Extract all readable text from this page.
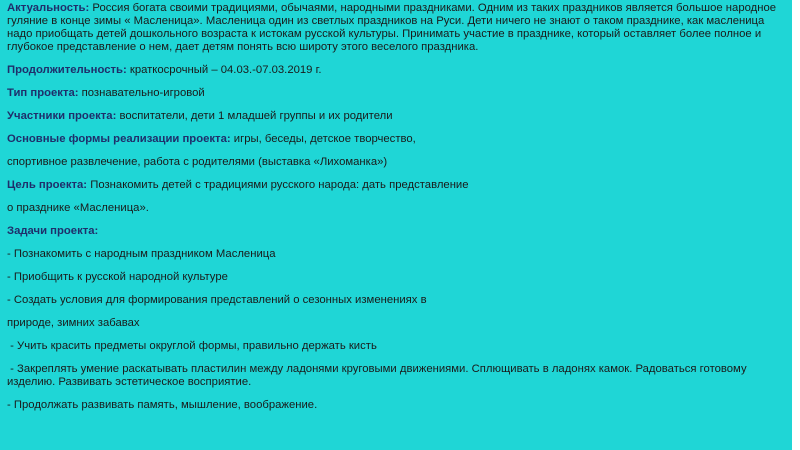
Актуальность: Россия богата своими традициями, обычаями, народными праздниками. Одним из таких праздников является большое народное гуляние в конце зимы « Масленица». Масленица один из светлых праздников на Руси. Дети ничего не знают о таком празднике, как масленица надо приобщать детей дошкольного возраста к истокам русской культуры. Принимать участие в празднике, который оставляет более полное и глубокое представление о нем, дает детям понять всю широту этого веселого праздника.

Продолжительность: краткосрочный – 04.03.-07.03.2019 г.

Тип проекта: познавательно-игровой

Участники проекта: воспитатели, дети 1 младшей группы и их родители

Основные формы реализации проекта: игры, беседы, детское творчество,

спортивное развлечение, работа с родителями (выставка «Лихоманка»)

Цель проекта: Познакомить детей с традициями русского народа: дать представление

о празднике «Масленица».

Задачи проекта:

- Познакомить с народным праздником Масленица

- Приобщить к русской народной культуре

- Создать условия для формирования представлений о сезонных изменениях в

природе, зимних забавах

- Учить красить предметы округлой формы, правильно держать кисть

- Закреплять умение раскатывать пластилин между ладонями круговыми движениями. Сплющивать в ладонях камок. Радоваться готовому изделию. Развивать эстетическое восприятие.

- Продолжать развивать память, мышление, воображение.
